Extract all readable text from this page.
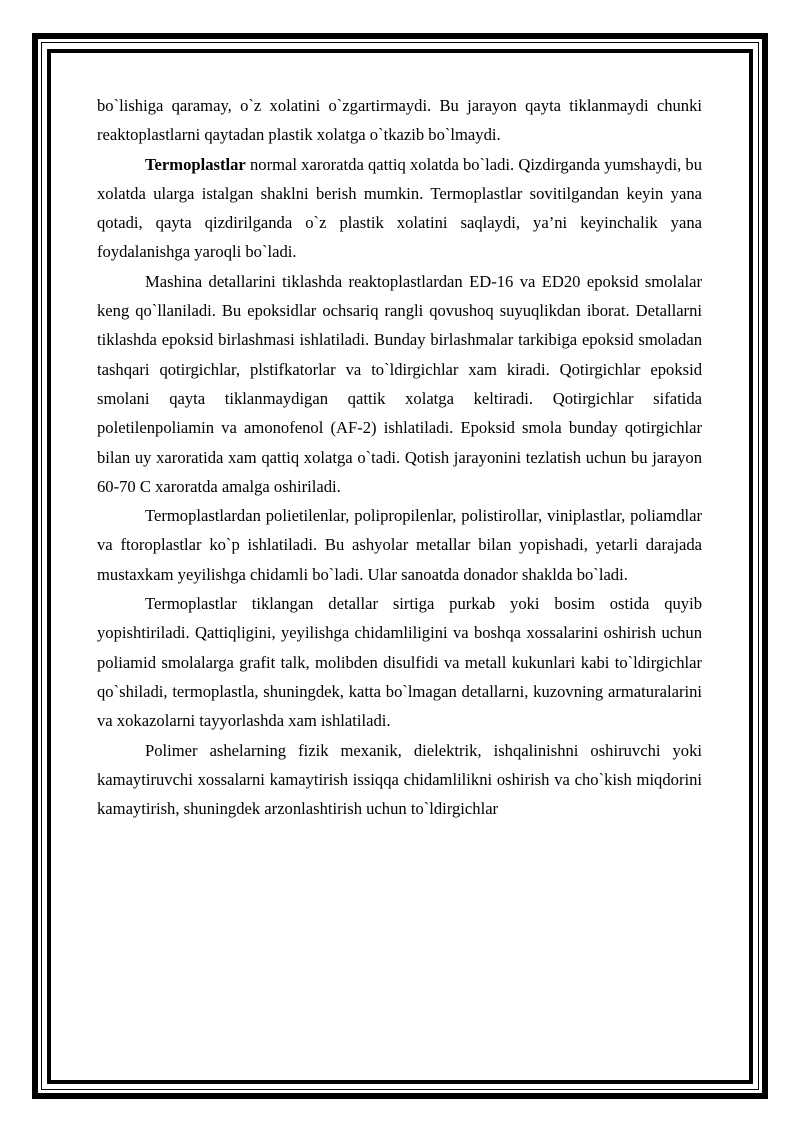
bo`lishiga qaramay, o`z xolatini o`zgartirmaydi. Bu jarayon qayta tiklanmaydi chunki reaktoplastlarni qaytadan plastik xolatga o`tkazib bo`lmaydi.

Termoplastlar normal xaroratda qattiq xolatda bo`ladi. Qizdirganda yumshaydi, bu xolatda ularga istalgan shaklni berish mumkin. Termoplastlar sovitilgandan keyin yana qotadi, qayta qizdirilganda o`z plastik xolatini saqlaydi, ya’ni keyinchalik yana foydalanishga yaroqli bo`ladi.

Mashina detallarini tiklashda reaktoplastlardan ED-16 va ED20 epoksid smolalar keng qo`llaniladi. Bu epoksidlar ochsariq rangli qovushoq suyuqlikdan iborat. Detallarni tiklashda epoksid birlashmasi ishlatiladi. Bunday birlashmalar tarkibiga epoksid smoladan tashqari qotirgichlar, plstifkatorlar va to`ldirgichlar xam kiradi. Qotirgichlar epoksid smolani qayta tiklanmaydigan qattik xolatga keltiradi. Qotirgichlar sifatida poletilenpoliamin va amonofenol (AF-2) ishlatiladi. Epoksid smola bunday qotirgichlar bilan uy xaroratida xam qattiq xolatga o`tadi. Qotish jarayonini tezlatish uchun bu jarayon 60-70 C xaroratda amalga oshiriladi.

Termoplastlardan polietilenlar, polipropilenlar, polistirollar, viniplastlar, poliamdlar va ftoroplastlar ko`p ishlatiladi. Bu ashyolar metallar bilan yopishadi, yetarli darajada mustaxkam yeyilishga chidamli bo`ladi. Ular sanoatda donador shaklda bo`ladi.

Termoplastlar tiklangan detallar sirtiga purkab yoki bosim ostida quyib yopishtiriladi. Qattiqligini, yeyilishga chidamliligini va boshqa xossalarini oshirish uchun poliamid smolalarga grafit talk, molibden disulfidi va metall kukunlari kabi to`ldirgichlar qo`shiladi, termoplastla, shuningdek, katta bo`lmagan detallarni, kuzovning armaturalarini va xokazolarni tayyorlashda xam ishlatiladi.

Polimer ashelarning fizik mexanik, dielektrik, ishqalinishni oshiruvchi yoki kamaytiruvchi xossalarni kamaytirish issiqqa chidamlilikni oshirish va cho`kish miqdorini kamaytirish, shuningdek arzonlashtirish uchun to`ldirgichlar
